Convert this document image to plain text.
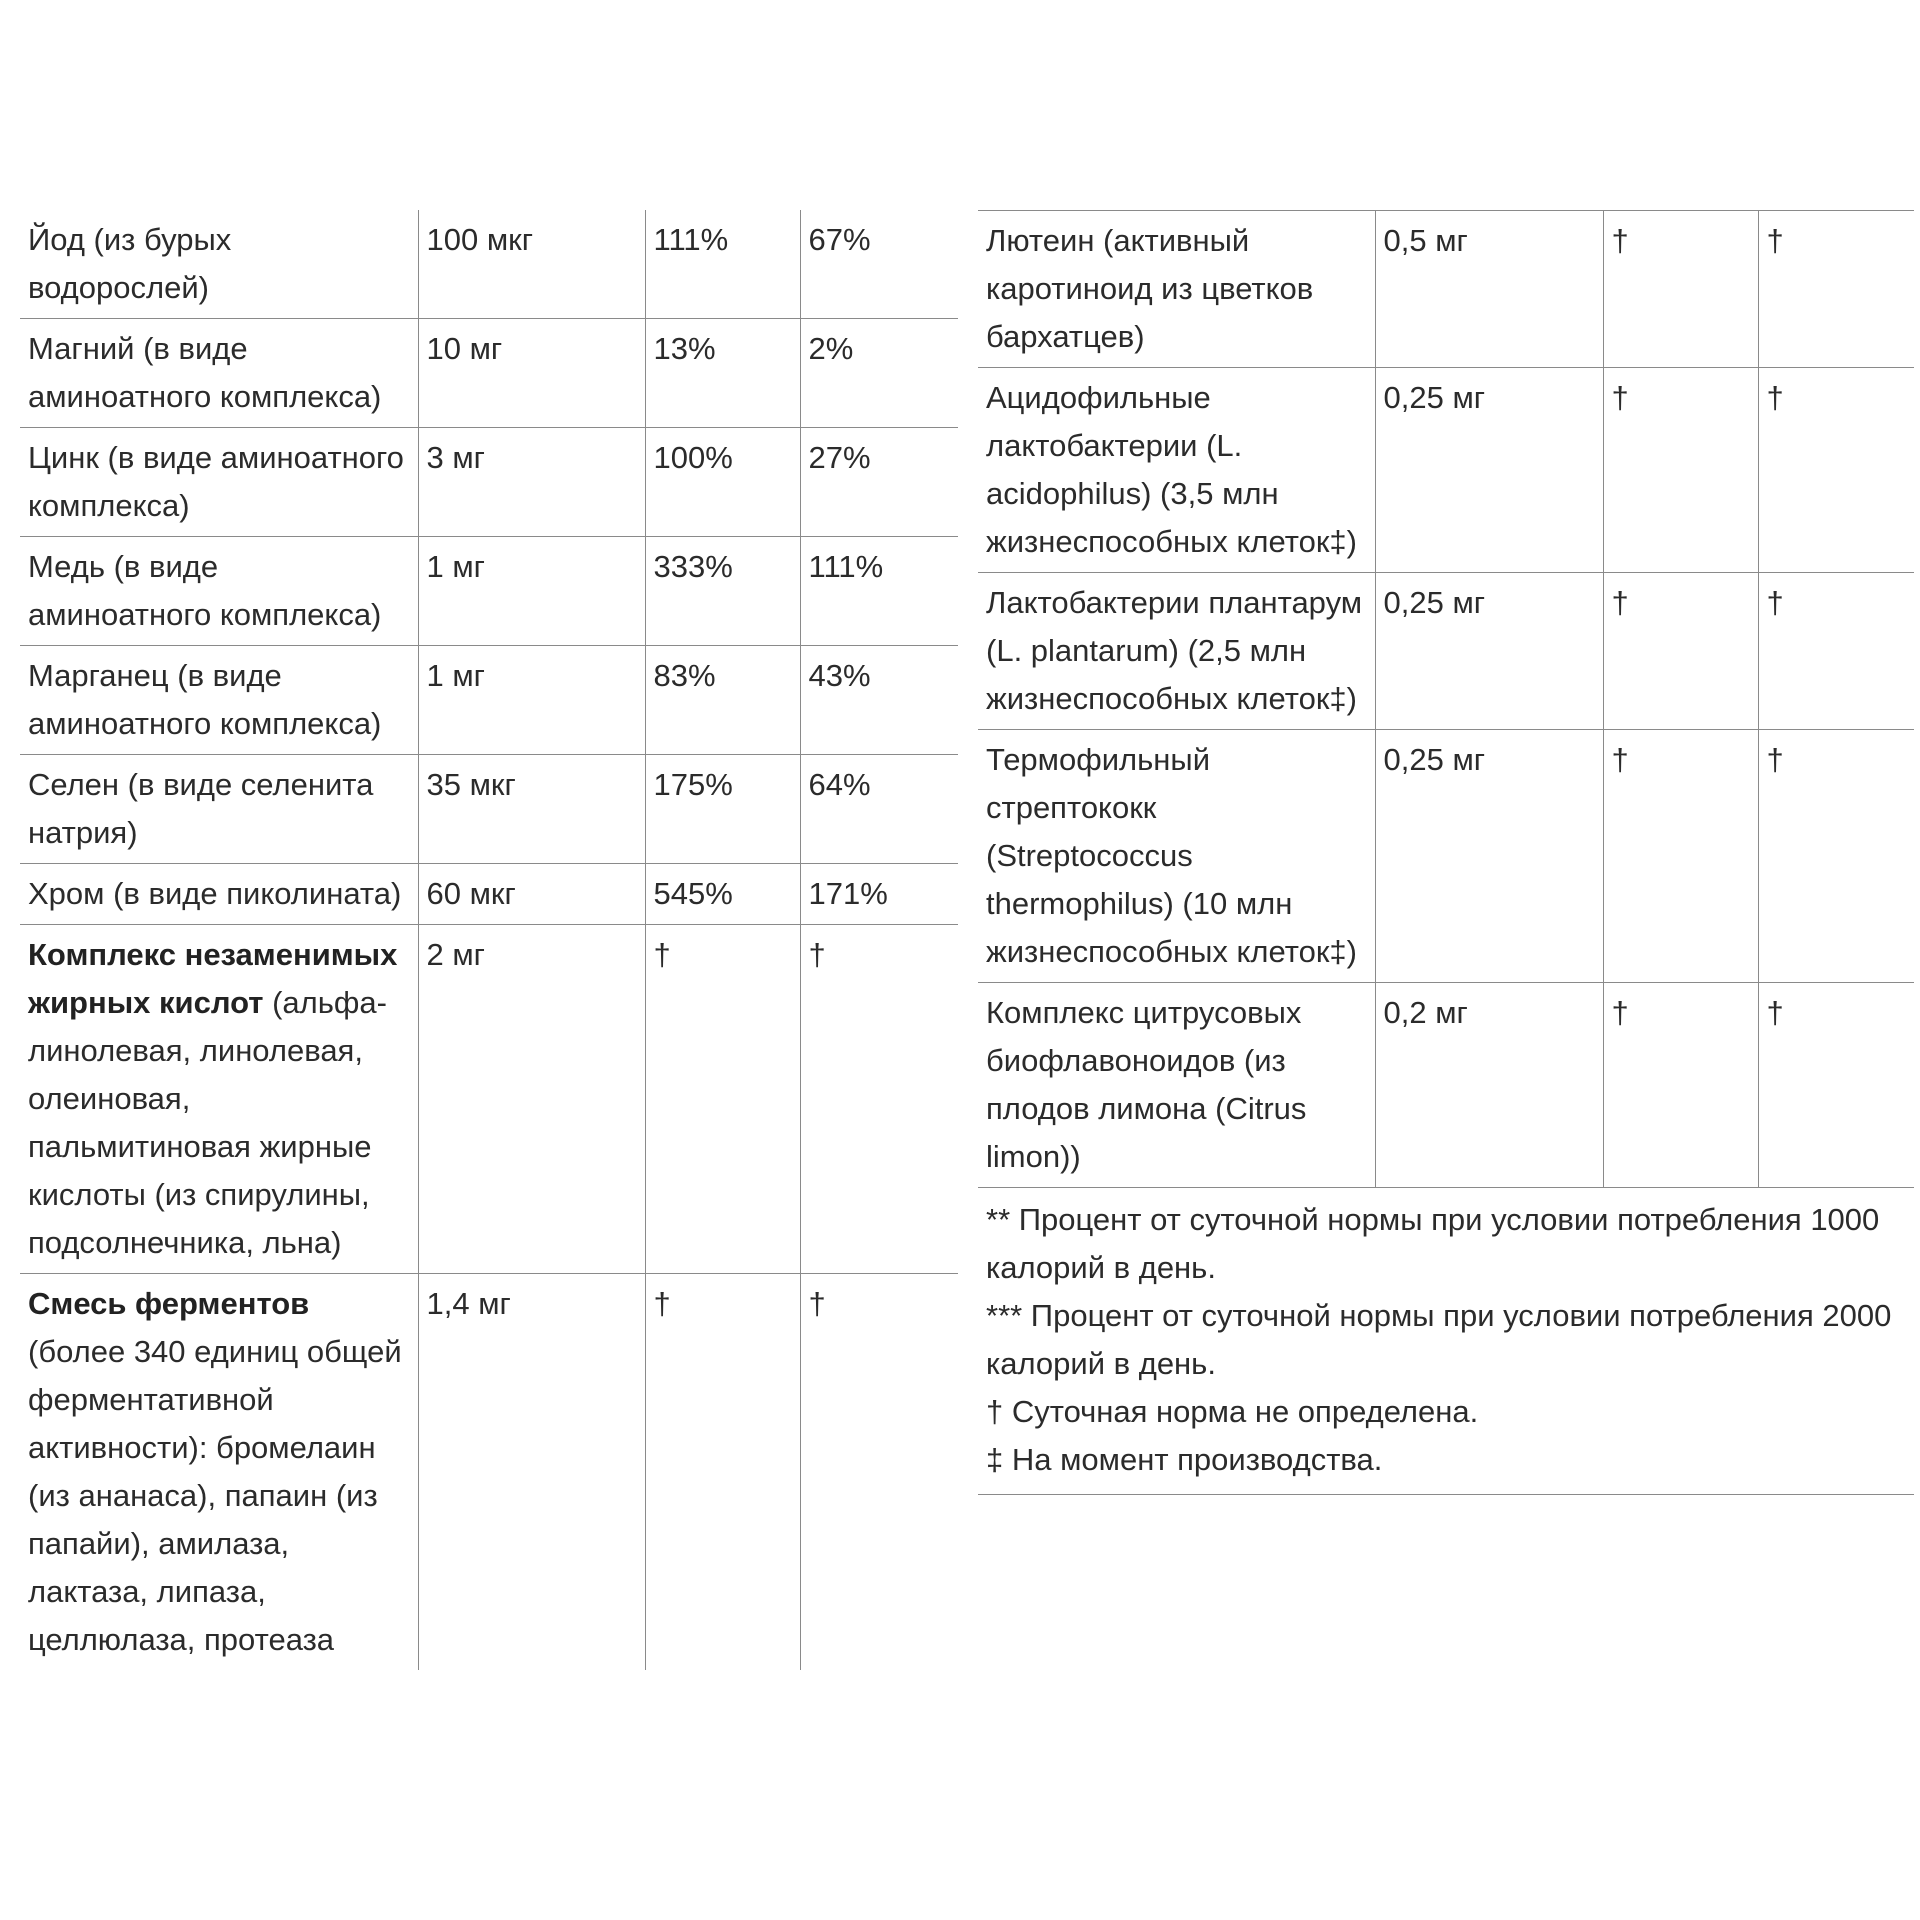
Йод (из бурых водорослей)	100 мкг	111%	67%
Магний (в виде аминоатного комплекса)	10 мг	13%	2%
Цинк (в виде аминоатного комплекса)	3 мг	100%	27%
Медь (в виде аминоатного комплекса)	1 мг	333%	111%
Марганец (в виде аминоатного комплекса)	1 мг	83%	43%
Селен (в виде селенита натрия)	35 мкг	175%	64%
Хром (в виде пиколината)	60 мкг	545%	171%
Комплекс незаменимых жирных кислот (альфа-линолевая, линолевая, олеиновая, пальмитиновая жирные кислоты (из спирулины, подсолнечника, льна)	2 мг	†	†
Смесь ферментов (более 340 единиц общей ферментативной активности): бромелаин (из ананаса), папаин (из папайи), амилаза, лактаза, липаза, целлюлаза, протеаза	1,4 мг	†	†
Лютеин (активный каротиноид из цветков бархатцев)	0,5 мг	†	†
Ацидофильные лактобактерии (L. acidophilus) (3,5 млн жизнеспособных клеток‡)	0,25 мг	†	†
Лактобактерии плантарум (L. plantarum) (2,5 млн жизнеспособных клеток‡)	0,25 мг	†	†
Термофильный стрептококк (Streptococcus thermophilus) (10 млн жизнеспособных клеток‡)	0,25 мг	†	†
Комплекс цитрусовых биофлавоноидов (из плодов лимона (Citrus limon))	0,2 мг	†	†
** Процент от суточной нормы при условии потребления 1000 калорий в день.
*** Процент от суточной нормы при условии потребления 2000 калорий в день.
† Суточная норма не определена.
‡ На момент производства.
